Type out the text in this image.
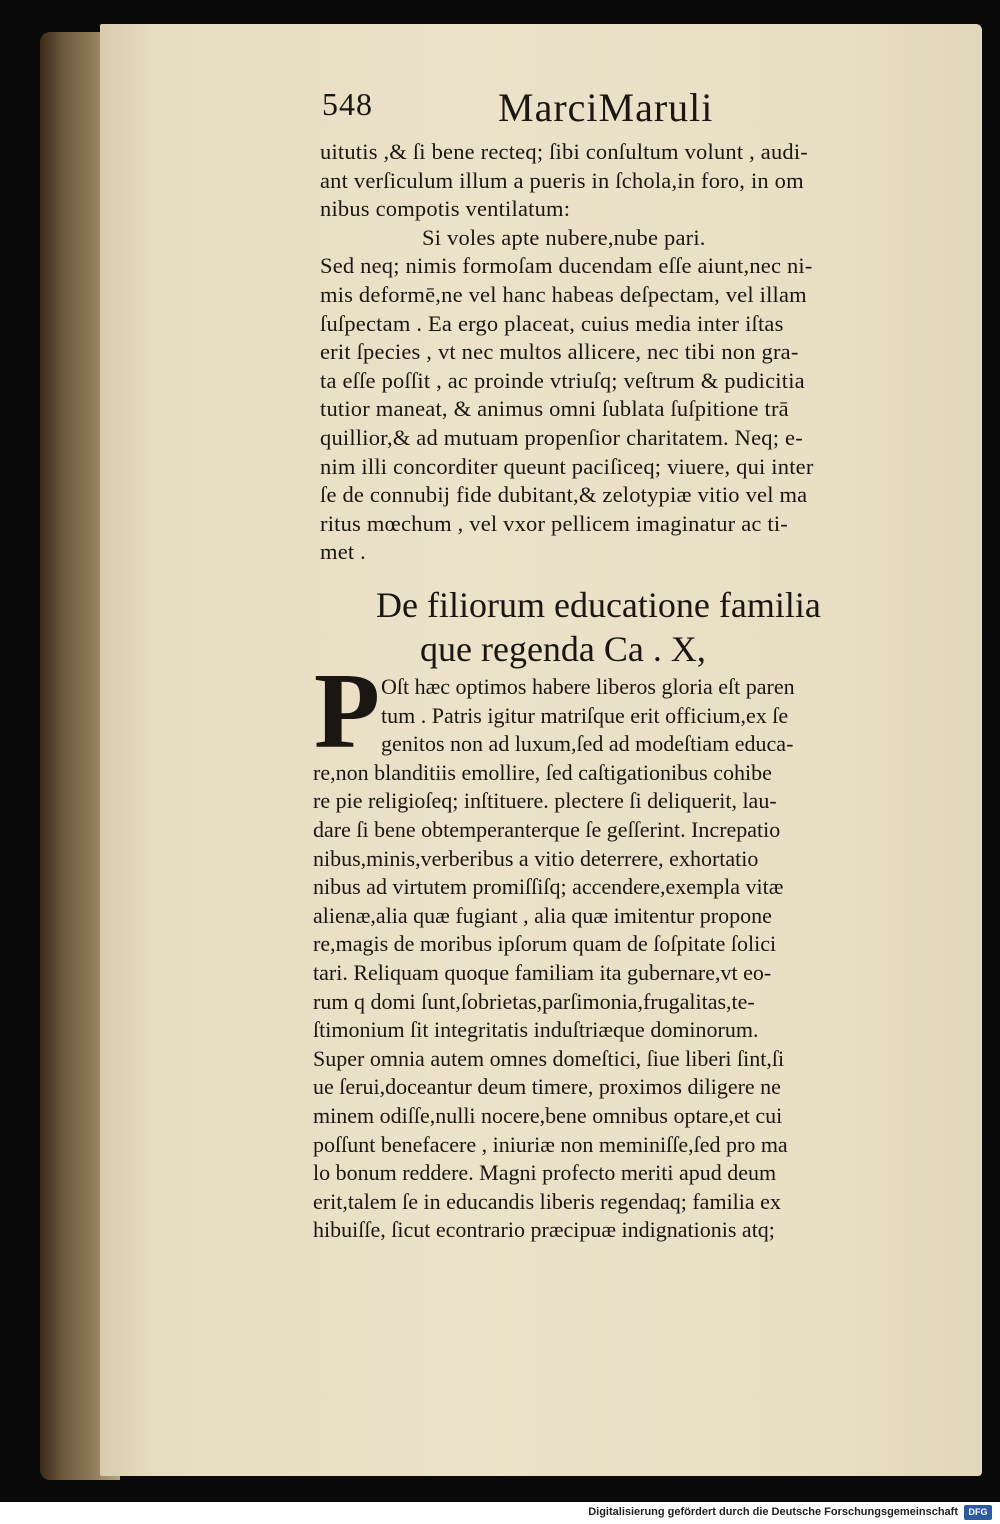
548	MarciMaruli
uitutis ,& ſi bene recteq; ſibi conſultum volunt , audi-
ant verſiculum illum a pueris in ſchola,in foro, in om
nibus compotis ventilatum:
Si voles apte nubere,nube pari.
Sed neq; nimis formoſam ducendam eſſe aiunt,nec ni-
mis deformē,ne vel hanc habeas deſpectam, vel illam
ſuſpectam . Ea ergo placeat, cuius media inter iſtas
erit ſpecies , vt nec multos allicere, nec tibi non gra-
ta eſſe poſſit , ac proinde vtriuſq; veſtrum & pudicitia
tutior maneat, & animus omni ſublata ſuſpitione trā
quillior,& ad mutuam propenſior charitatem. Neq; e-
nim illi concorditer queunt paciſiceq; viuere, qui inter
ſe de connubij fide dubitant,& zelotypiæ vitio vel ma
ritus mœchum , vel vxor pellicem imaginatur ac ti-
met .
De filiorum educatione familia
que regenda Ca . X,
P Oſt hæc optimos habere liberos gloria eſt paren
tum . Patris igitur matriſque erit officium,ex ſe
genitos non ad luxum,ſed ad modeſtiam educa-
re,non blanditiis emollire, ſed caſtigationibus cohibe
re pie religioſeq; inſtituere. plectere ſi deliquerit, lau-
dare ſi bene obtemperanterque ſe geſſerint. Increpatio
nibus,minis,verberibus a vitio deterrere, exhortatio
nibus ad virtutem promiſſiſq; accendere,exempla vitæ
alienæ,alia quæ fugiant , alia quæ imitentur propone
re,magis de moribus ipſorum quam de ſoſpitate ſolici
tari. Reliquam quoque familiam ita gubernare,vt eo-
rum q domi ſunt,ſobrietas,parſimonia,frugalitas,te-
ſtimonium ſit integritatis induſtriæque dominorum.
Super omnia autem omnes domeſtici, ſiue liberi ſint,ſi
ue ſerui,doceantur deum timere, proximos diligere ne
minem odiſſe,nulli nocere,bene omnibus optare,et cui
poſſunt benefacere , iniuriæ non meminiſſe,ſed pro ma
lo bonum reddere. Magni profecto meriti apud deum
erit,talem ſe in educandis liberis regendaq; familia ex
hibuiſſe, ſicut econtrario præcipuæ indignationis atq;
Digitalisierung gefördert durch die Deutsche Forschungsgemeinschaft	DFG
